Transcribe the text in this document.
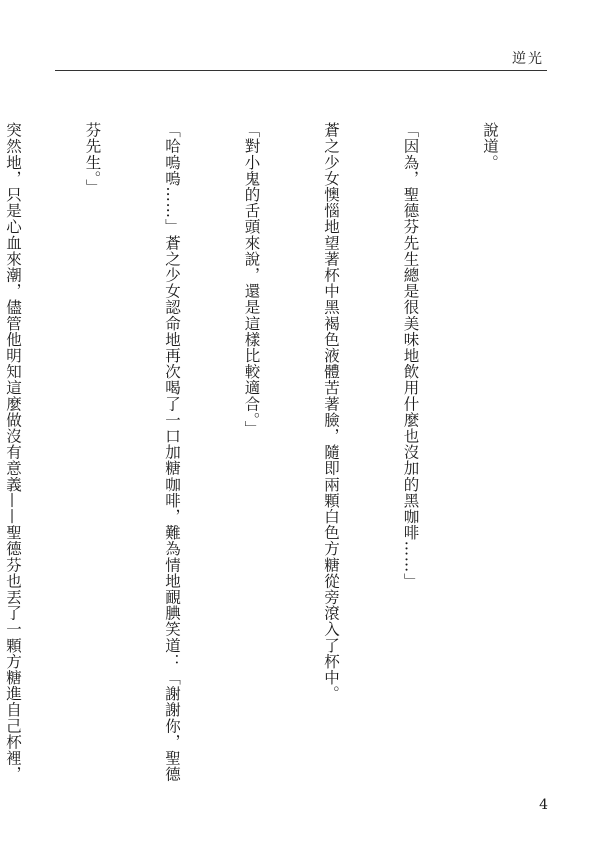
逆光

說道。

「因為，聖德芬先生總是很美味地飲用什麼也沒加的黑咖啡……」

蒼之少女懊惱地望著杯中黑褐色液體苦著臉，隨即兩顆白色方糖從旁滾入了杯中。

「對小鬼的舌頭來說，還是這樣比較適合。」

「哈嗚嗚……」蒼之少女認命地再次喝了一口加糖咖啡，難為情地靦腆笑道：「謝謝你，聖德

芬先生。」

突然地，只是心血來潮，儘管他明知這麼做沒有意義——聖德芬也丟了一顆方糖進自己杯裡，

4
